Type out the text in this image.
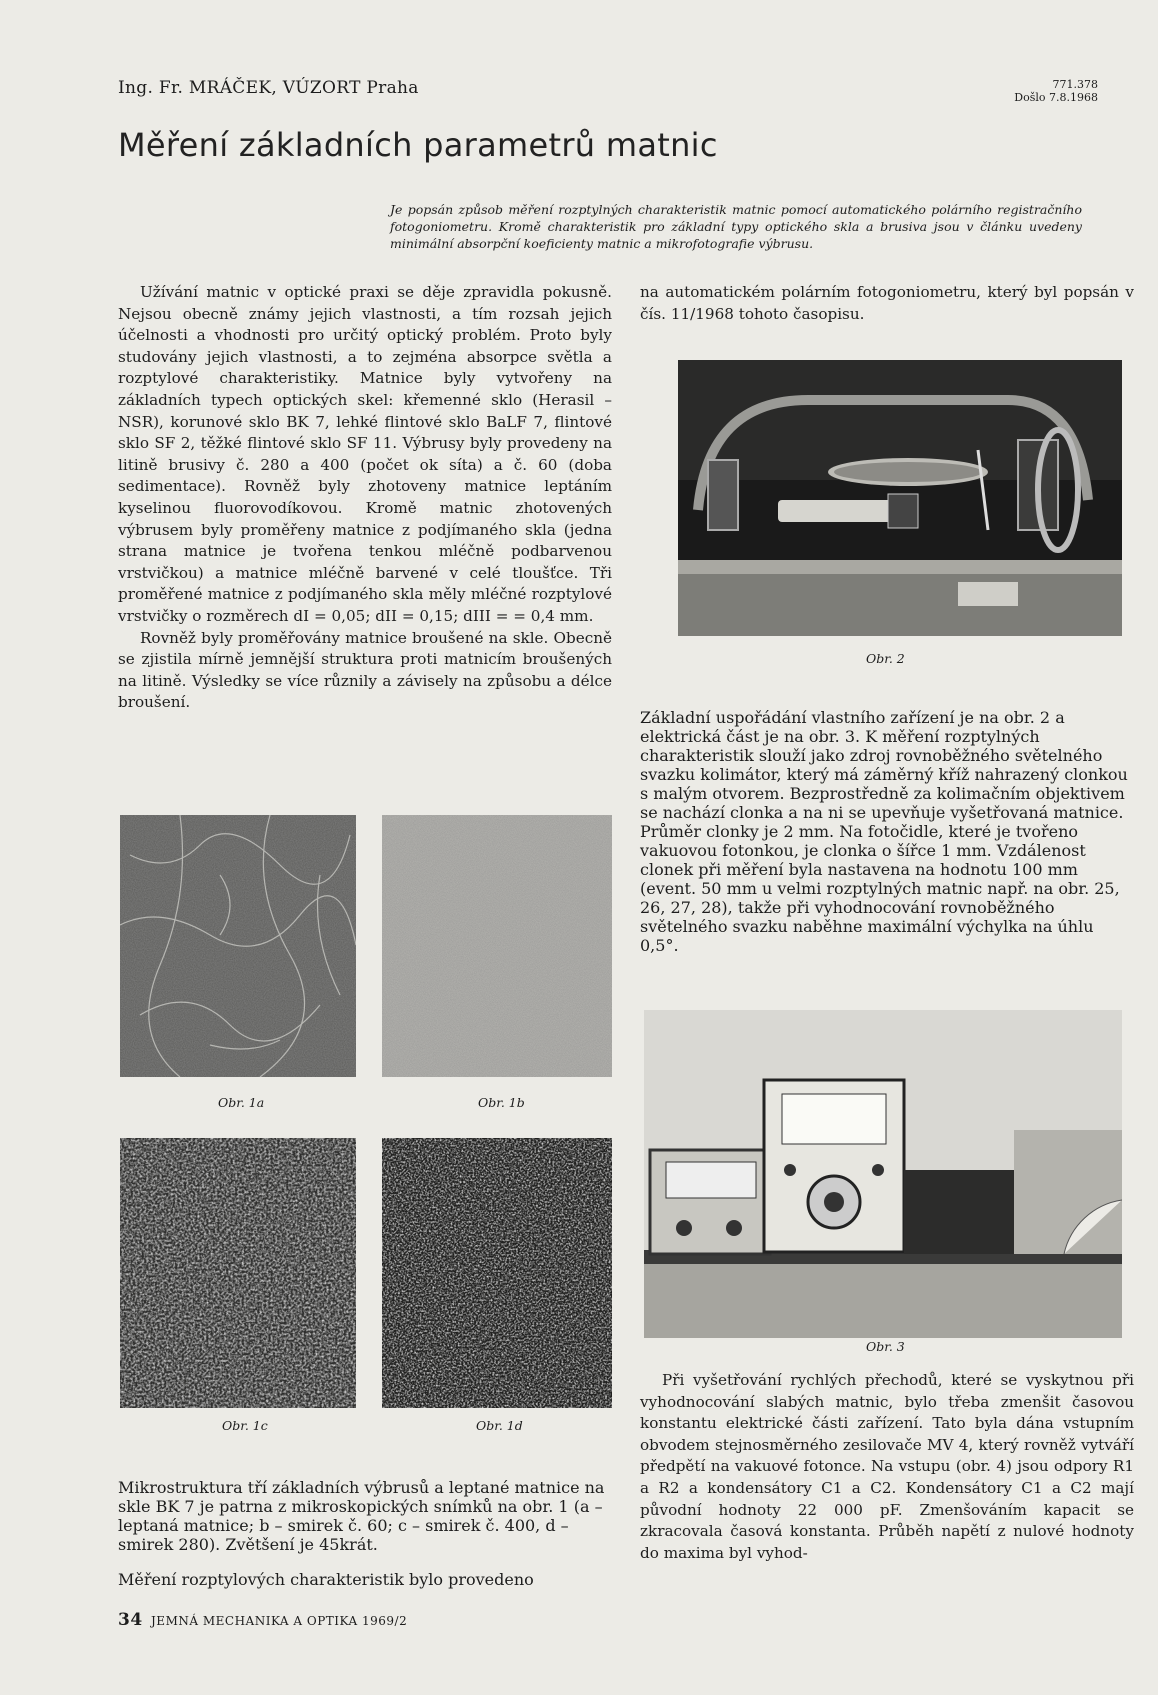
Ing. Fr. MRÁČEK, VÚZORT Praha	771.378
Došlo 7.8.1968
Měření základních parametrů matnic
Je popsán způsob měření rozptylných charakteristik matnic pomocí automatického polárního registračního fotogoniometru. Kromě charakteristik pro základní typy optického skla a brusiva jsou v článku uvedeny minimální absorpční koeficienty matnic a mikrofotografie výbrusu.

Užívání matnic v optické praxi se děje zpravidla pokusně. Nejsou obecně známy jejich vlastnosti, a tím rozsah jejich účelnosti a vhodnosti pro určitý optický problém. Proto byly studovány jejich vlastnosti, a to zejména absorpce světla a rozptylové charakteristiky. Matnice byly vytvořeny na základních typech optických skel: křemenné sklo (Herasil – NSR), korunové sklo BK 7, lehké flintové sklo BaLF 7, flintové sklo SF 2, těžké flintové sklo SF 11. Výbrusy byly provedeny na litině brusivy č. 280 a 400 (počet ok síta) a č. 60 (doba sedimentace). Rovněž byly zhotoveny matnice leptáním kyselinou fluorovodíkovou. Kromě matnic zhotovených výbrusem byly proměřeny matnice z podjímaného skla (jedna strana matnice je tvořena tenkou mléčně podbarvenou vrstvičkou) a matnice mléčně barvené v celé tloušťce. Tři proměřené matnice z podjímaného skla měly mléčné rozptylové vrstvičky o rozměrech dI = 0,05; dII = 0,15; dIII = = 0,4 mm.

Rovněž byly proměřovány matnice broušené na skle. Obecně se zjistila mírně jemnější struktura proti matnicím broušených na litině. Výsledky se více různily a závisely na způsobu a délce broušení.

Obr. 1a	Obr. 1b
Obr. 1c	Obr. 1d

Mikrostruktura tří základních výbrusů a leptané matnice na skle BK 7 je patrna z mikroskopických snímků na obr. 1 (a – leptaná matnice; b – smirek č. 60; c – smirek č. 400, d – smirek 280). Zvětšení je 45krát.

Měření rozptylových charakteristik bylo provedeno

na automatickém polárním fotogoniometru, který byl popsán v čís. 11/1968 tohoto časopisu.

Obr. 2

Základní uspořádání vlastního zařízení je na obr. 2 a elektrická část je na obr. 3. K měření rozptylných charakteristik slouží jako zdroj rovnoběžného světelného svazku kolimátor, který má záměrný kříž nahrazený clonkou s malým otvorem. Bezprostředně za kolimačním objektivem se nachází clonka a na ni se upevňuje vyšetřovaná matnice. Průměr clonky je 2 mm. Na fotočidle, které je tvořeno vakuovou fotonkou, je clonka o šířce 1 mm. Vzdálenost clonek při měření byla nastavena na hodnotu 100 mm (event. 50 mm u velmi rozptylných matnic např. na obr. 25, 26, 27, 28), takže při vyhodnocování rovnoběžného světelného svazku naběhne maximální výchylka na úhlu 0,5°.

Obr. 3

Při vyšetřování rychlých přechodů, které se vyskytnou při vyhodnocování slabých matnic, bylo třeba zmenšit časovou konstantu elektrické části zařízení. Tato byla dána vstupním obvodem stejnosměrného zesilovače MV 4, který rovněž vytváří předpětí na vakuové fotonce. Na vstupu (obr. 4) jsou odpory R1 a R2 a kondensátory C1 a C2. Kondensátory C1 a C2 mají původní hodnoty 22 000 pF. Zmenšováním kapacit se zkracovala časová konstanta. Průběh napětí z nulové hodnoty do maxima byl vyhod-

34 JEMNÁ MECHANIKA A OPTIKA 1969/2
